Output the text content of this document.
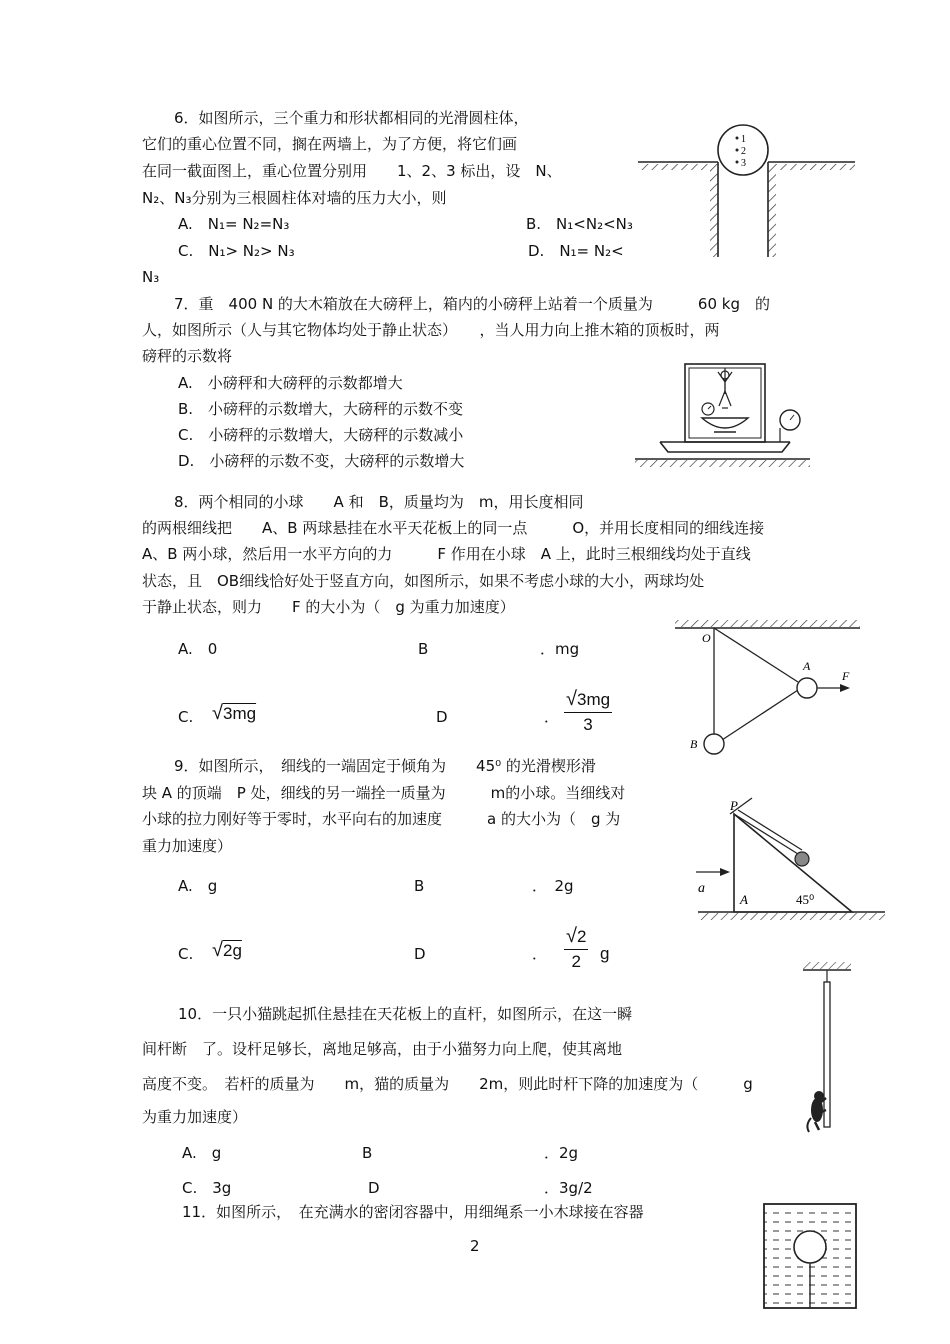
6．如图所示，三个重力和形状都相同的光滑圆柱体，
它们的重心位置不同，搁在两墙上，为了方便，将它们画
在同一截面图上，重心位置分别用　　1、2、3 标出，设　N、
N₂、N₃分别为三根圆柱体对墙的压力大小，则
A.　N₁= N₂=N₃	B.　N₁<N₂<N₃
C.　N₁> N₂> N₃	D.　N₁= N₂<
N₃
1
2
3
7．重　400 N 的大木箱放在大磅秤上，箱内的小磅秤上站着一个质量为　　　60 kg　的
人，如图所示（人与其它物体均处于静止状态）　　，当人用力向上推木箱的顶板时，两
磅秤的示数将
A.　小磅秤和大磅秤的示数都增大
B.　小磅秤的示数增大，大磅秤的示数不变
C.　小磅秤的示数增大，大磅秤的示数减小
D.　小磅秤的示数不变，大磅秤的示数增大
8．两个相同的小球　　A 和　B，质量均为　m，用长度相同
的两根细线把　　A、B 两球悬挂在水平天花板上的同一点　　　O，并用长度相同的细线连接
A、B 两小球，然后用一水平方向的力　　　F 作用在小球　A 上，此时三根细线均处于直线
状态，且　OB细线恰好处于竖直方向，如图所示，如果不考虑小球的大小，两球均处
于静止状态，则力　　F 的大小为（　g 为重力加速度）
A.　0	B	．mg
C. √3mg	D	． $\frac{√3mg}{3}$
O
A
B
F
9．如图所示，　细线的一端固定于倾角为　　45⁰ 的光滑楔形滑
块 A 的顶端　P 处，细线的另一端拴一质量为　　　m的小球。当细线对
小球的拉力刚好等于零时，水平向右的加速度　　　a 的大小为（　g 为
重力加速度）
A.　g	B	．　2g
C. √2g	D	． $\frac{√2}{2}$ g
P
a
A	45⁰
10．一只小猫跳起抓住悬挂在天花板上的直杆，如图所示，在这一瞬
间杆断　了。设杆足够长，离地足够高，由于小猫努力向上爬，使其离地
高度不变。　若杆的质量为　　m，猫的质量为　　2m，则此时杆下降的加速度为（　　　g
为重力加速度）
A.　g	B	．2g
C.　3g	D	．3g/2
11．如图所示，　在充满水的密闭容器中，用细绳系一小木球接在容器
2
